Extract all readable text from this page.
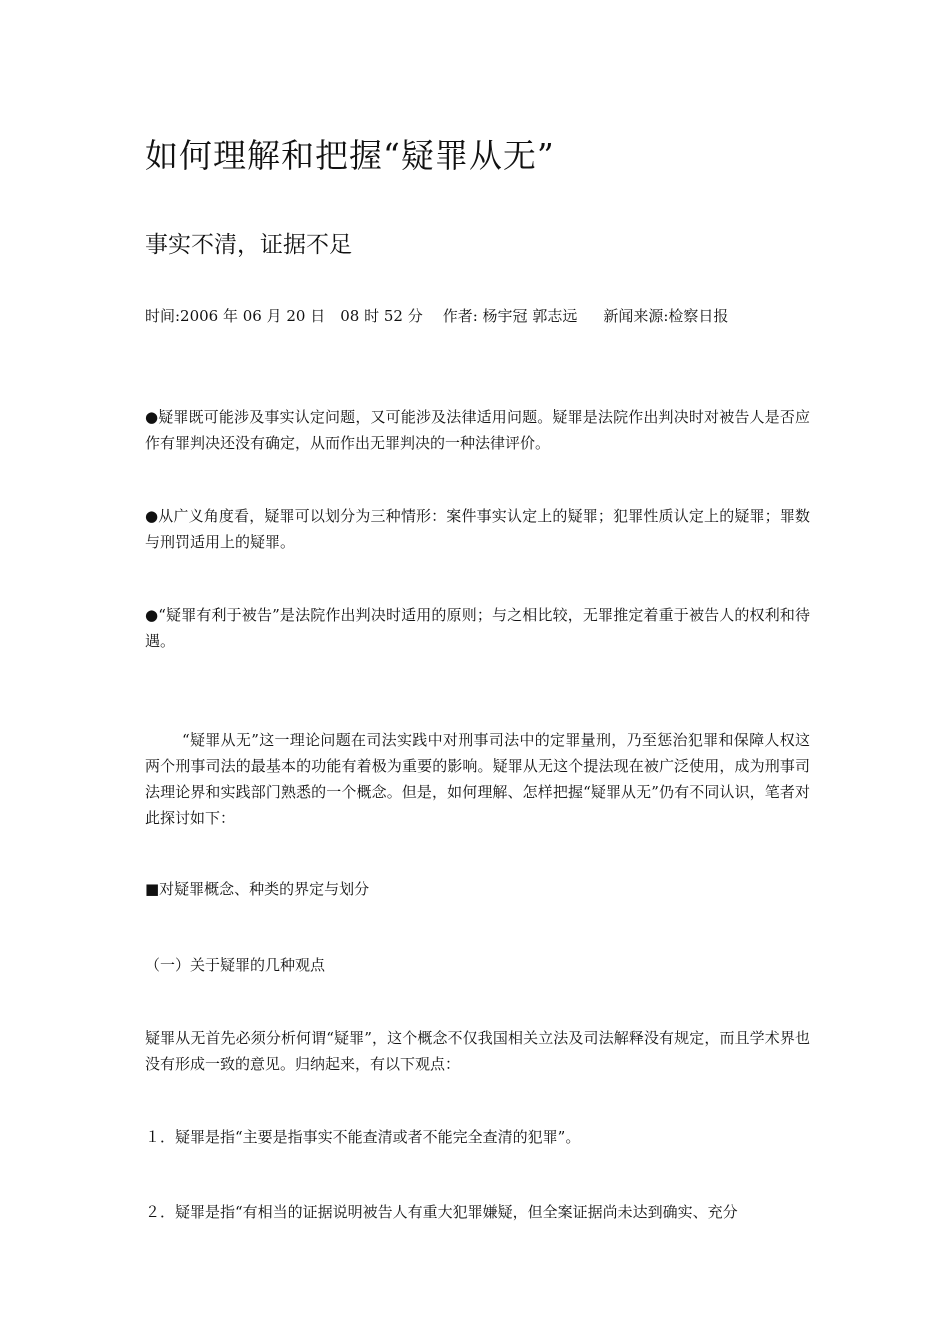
如何理解和把握“疑罪从无”
事实不清，证据不足
时间:2006 年 06 月 20 日　08 时 52 分 作者: 杨宇冠 郭志远 新闻来源:检察日报

●疑罪既可能涉及事实认定问题，又可能涉及法律适用问题。疑罪是法院作出判决时对被告人是否应作有罪判决还没有确定，从而作出无罪判决的一种法律评价。

●从广义角度看，疑罪可以划分为三种情形：案件事实认定上的疑罪；犯罪性质认定上的疑罪；罪数与刑罚适用上的疑罪。

●“疑罪有利于被告”是法院作出判决时适用的原则；与之相比较，无罪推定着重于被告人的权利和待遇。

“疑罪从无”这一理论问题在司法实践中对刑事司法中的定罪量刑，乃至惩治犯罪和保障人权这两个刑事司法的最基本的功能有着极为重要的影响。疑罪从无这个提法现在被广泛使用，成为刑事司法理论界和实践部门熟悉的一个概念。但是，如何理解、怎样把握“疑罪从无”仍有不同认识，笔者对此探讨如下：

■对疑罪概念、种类的界定与划分
（一）关于疑罪的几种观点

疑罪从无首先必须分析何谓“疑罪”，这个概念不仅我国相关立法及司法解释没有规定，而且学术界也没有形成一致的意见。归纳起来，有以下观点：

１．疑罪是指“主要是指事实不能查清或者不能完全查清的犯罪”。
２．疑罪是指“有相当的证据说明被告人有重大犯罪嫌疑，但全案证据尚未达到确实、充分
